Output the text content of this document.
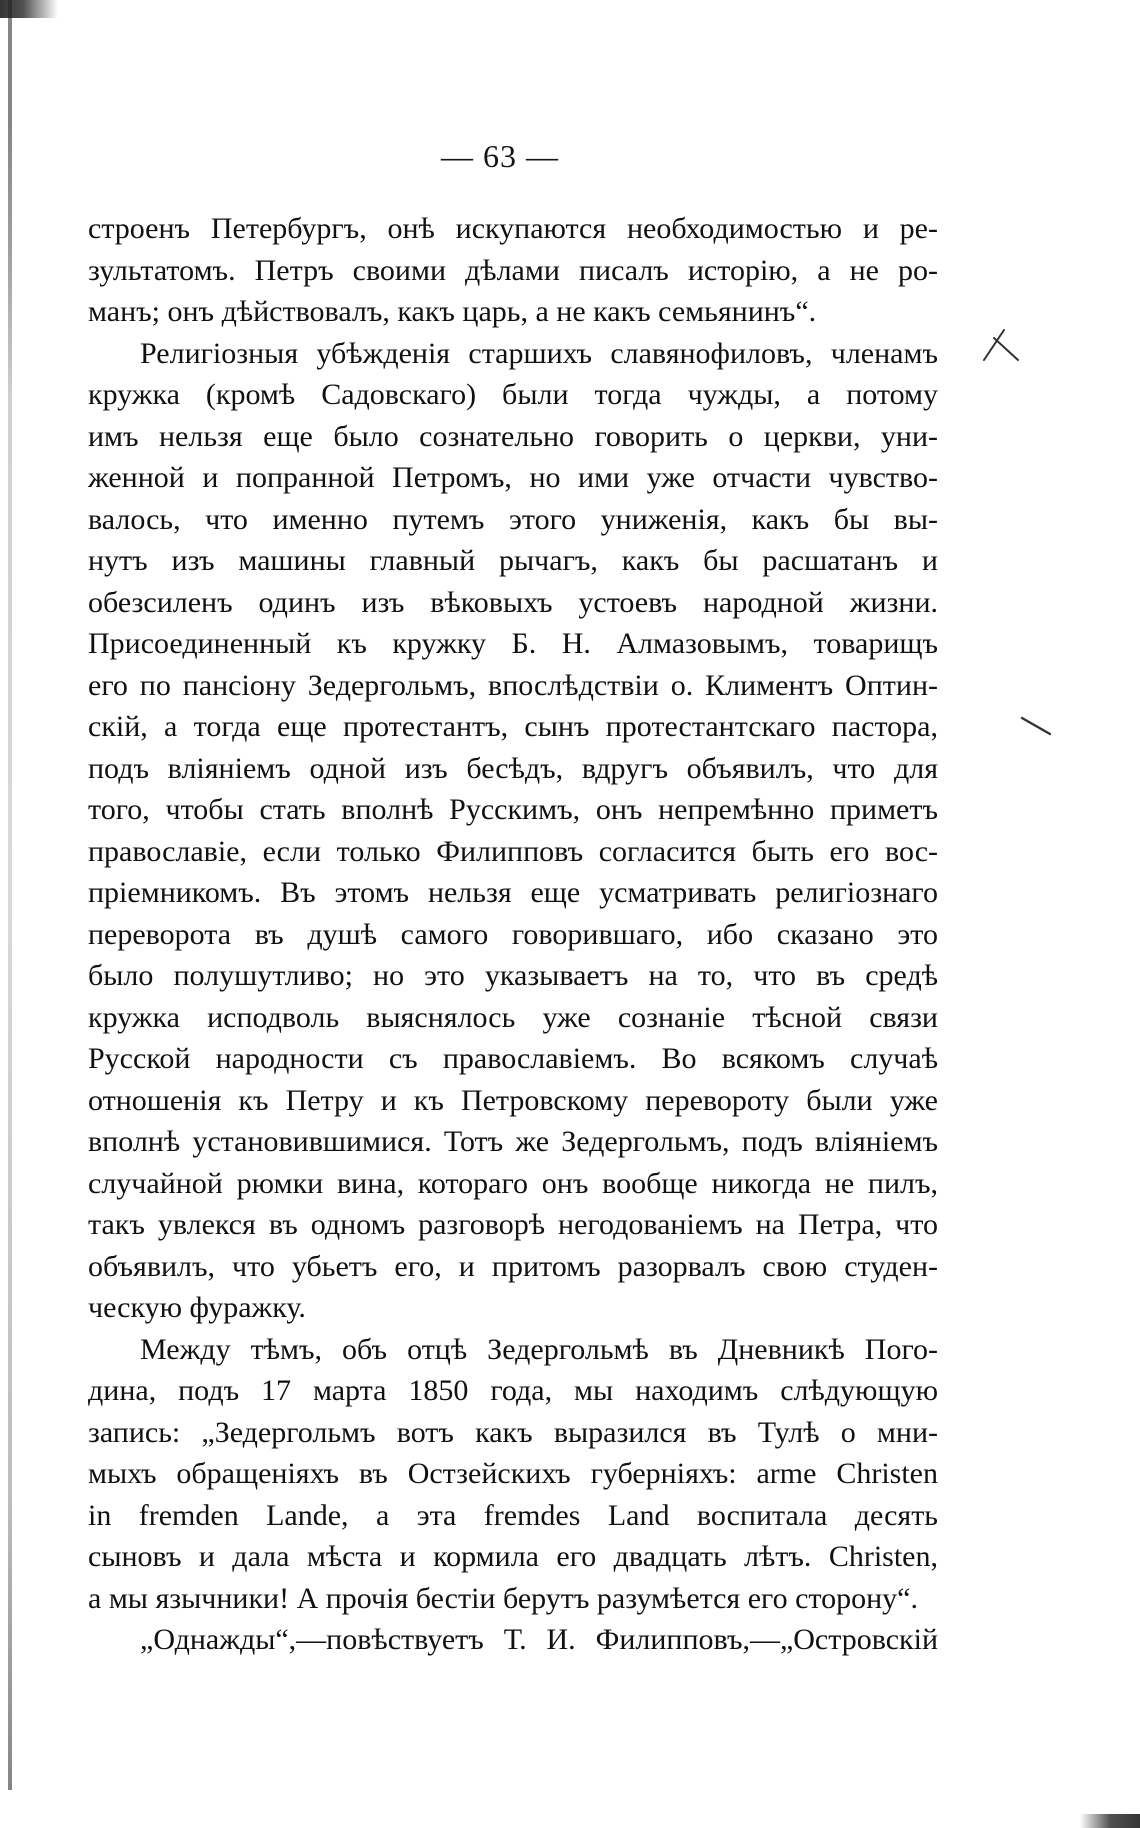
— 63 —
строенъ Петербургъ, онѣ искупаются необходимостью и ре-
зультатомъ. Петръ своими дѣлами писалъ исторію, а не ро-
манъ; онъ дѣйствовалъ, какъ царь, а не какъ семьянинъ“.
Религіозныя убѣжденія старшихъ славянофиловъ, членамъ
кружка (кромѣ Садовскаго) были тогда чужды, а потому
имъ нельзя еще было сознательно говорить о церкви, уни-
женной и попранной Петромъ, но ими уже отчасти чувство-
валось, что именно путемъ этого униженія, какъ бы вы-
нутъ изъ машины главный рычагъ, какъ бы расшатанъ и
обезсиленъ одинъ изъ вѣковыхъ устоевъ народной жизни.
Присоединенный къ кружку Б. Н. Алмазовымъ, товарищъ
его по пансіону Зедергольмъ, впослѣдствіи о. Климентъ Оптин-
скій, а тогда еще протестантъ, сынъ протестантскаго пастора,
подъ вліяніемъ одной изъ бесѣдъ, вдругъ объявилъ, что для
того, чтобы стать вполнѣ Русскимъ, онъ непремѣнно приметъ
православіе, если только Филипповъ согласится быть его вос-
пріемникомъ. Въ этомъ нельзя еще усматривать религіознаго
переворота въ душѣ самого говорившаго, ибо сказано это
было полушутливо; но это указываетъ на то, что въ средѣ
кружка исподволь выяснялось уже сознаніе тѣсной связи
Русской народности съ православіемъ. Во всякомъ случаѣ
отношенія къ Петру и къ Петровскому перевороту были уже
вполнѣ установившимися. Тотъ же Зедергольмъ, подъ вліяніемъ
случайной рюмки вина, котораго онъ вообще никогда не пилъ,
такъ увлекся въ одномъ разговорѣ негодованіемъ на Петра, что
объявилъ, что убьетъ его, и притомъ разорвалъ свою студен-
ческую фуражку.
Между тѣмъ, объ отцѣ Зедергольмѣ въ Дневникѣ Пого-
дина, подъ 17 марта 1850 года, мы находимъ слѣдующую
запись: „Зедергольмъ вотъ какъ выразился въ Тулѣ о мни-
мыхъ обращеніяхъ въ Остзейскихъ губерніяхъ: arme Christen
in fremden Lande, а эта fremdes Land воспитала десять
сыновъ и дала мѣста и кормила его двадцать лѣтъ. Christen,
а мы язычники! А прочія бестіи берутъ разумѣется его сторону“.
„Однажды“,—повѣствуетъ Т. И. Филипповъ,—„Островскій
